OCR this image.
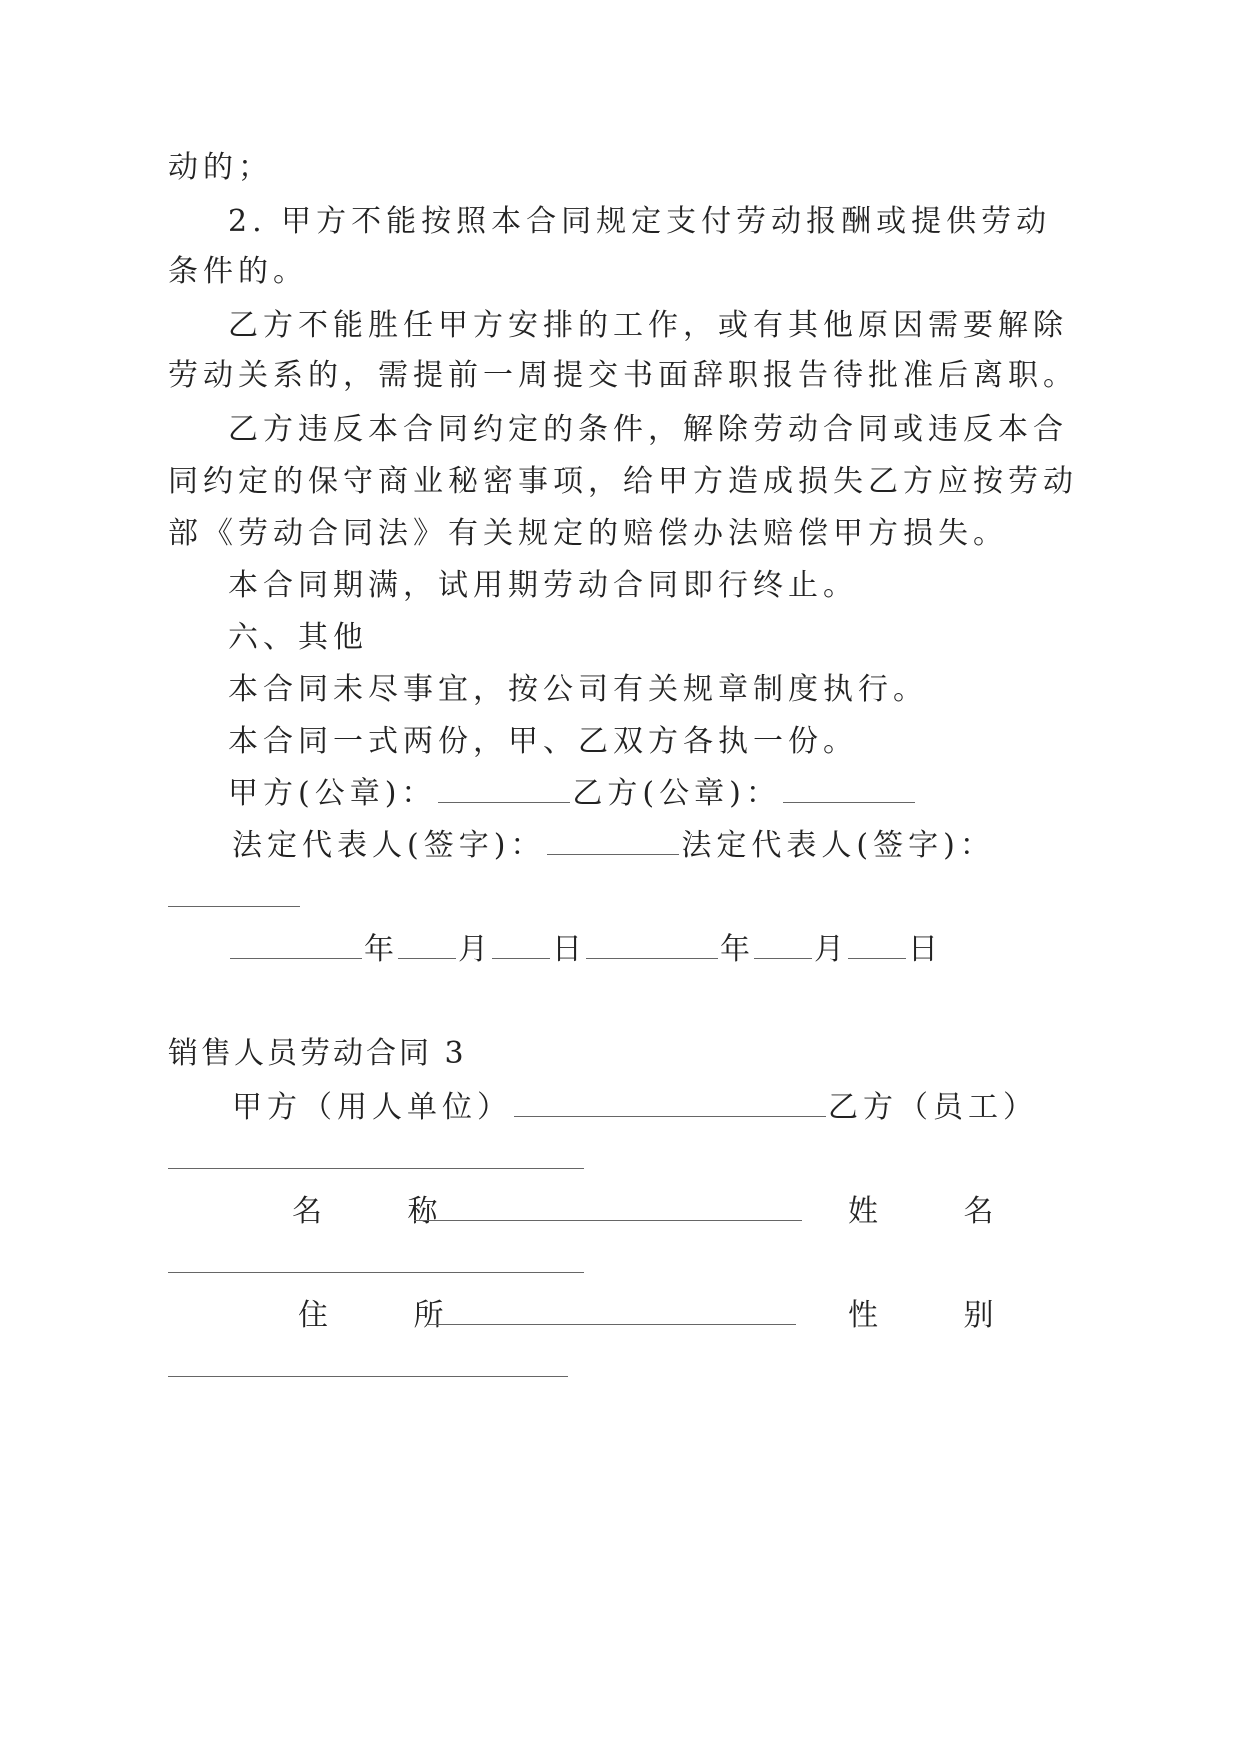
动的；
2. 甲方不能按照本合同规定支付劳动报酬或提供劳动
条件的。
乙方不能胜任甲方安排的工作，或有其他原因需要解除
劳动关系的，需提前一周提交书面辞职报告待批准后离职。
乙方违反本合同约定的条件，解除劳动合同或违反本合
同约定的保守商业秘密事项，给甲方造成损失乙方应按劳动
部《劳动合同法》有关规定的赔偿办法赔偿甲方损失。
本合同期满，试用期劳动合同即行终止。
六、其他
本合同未尽事宜，按公司有关规章制度执行。
本合同一式两份，甲、乙双方各执一份。
甲方(公章)：	乙方(公章)：
法定代表人(签字)：	法定代表人(签字)：
年 月 日	年 月 日
销售人员劳动合同 3
甲方（用人单位）	乙方（员工）
名 称	姓 名
住 所	性 别
